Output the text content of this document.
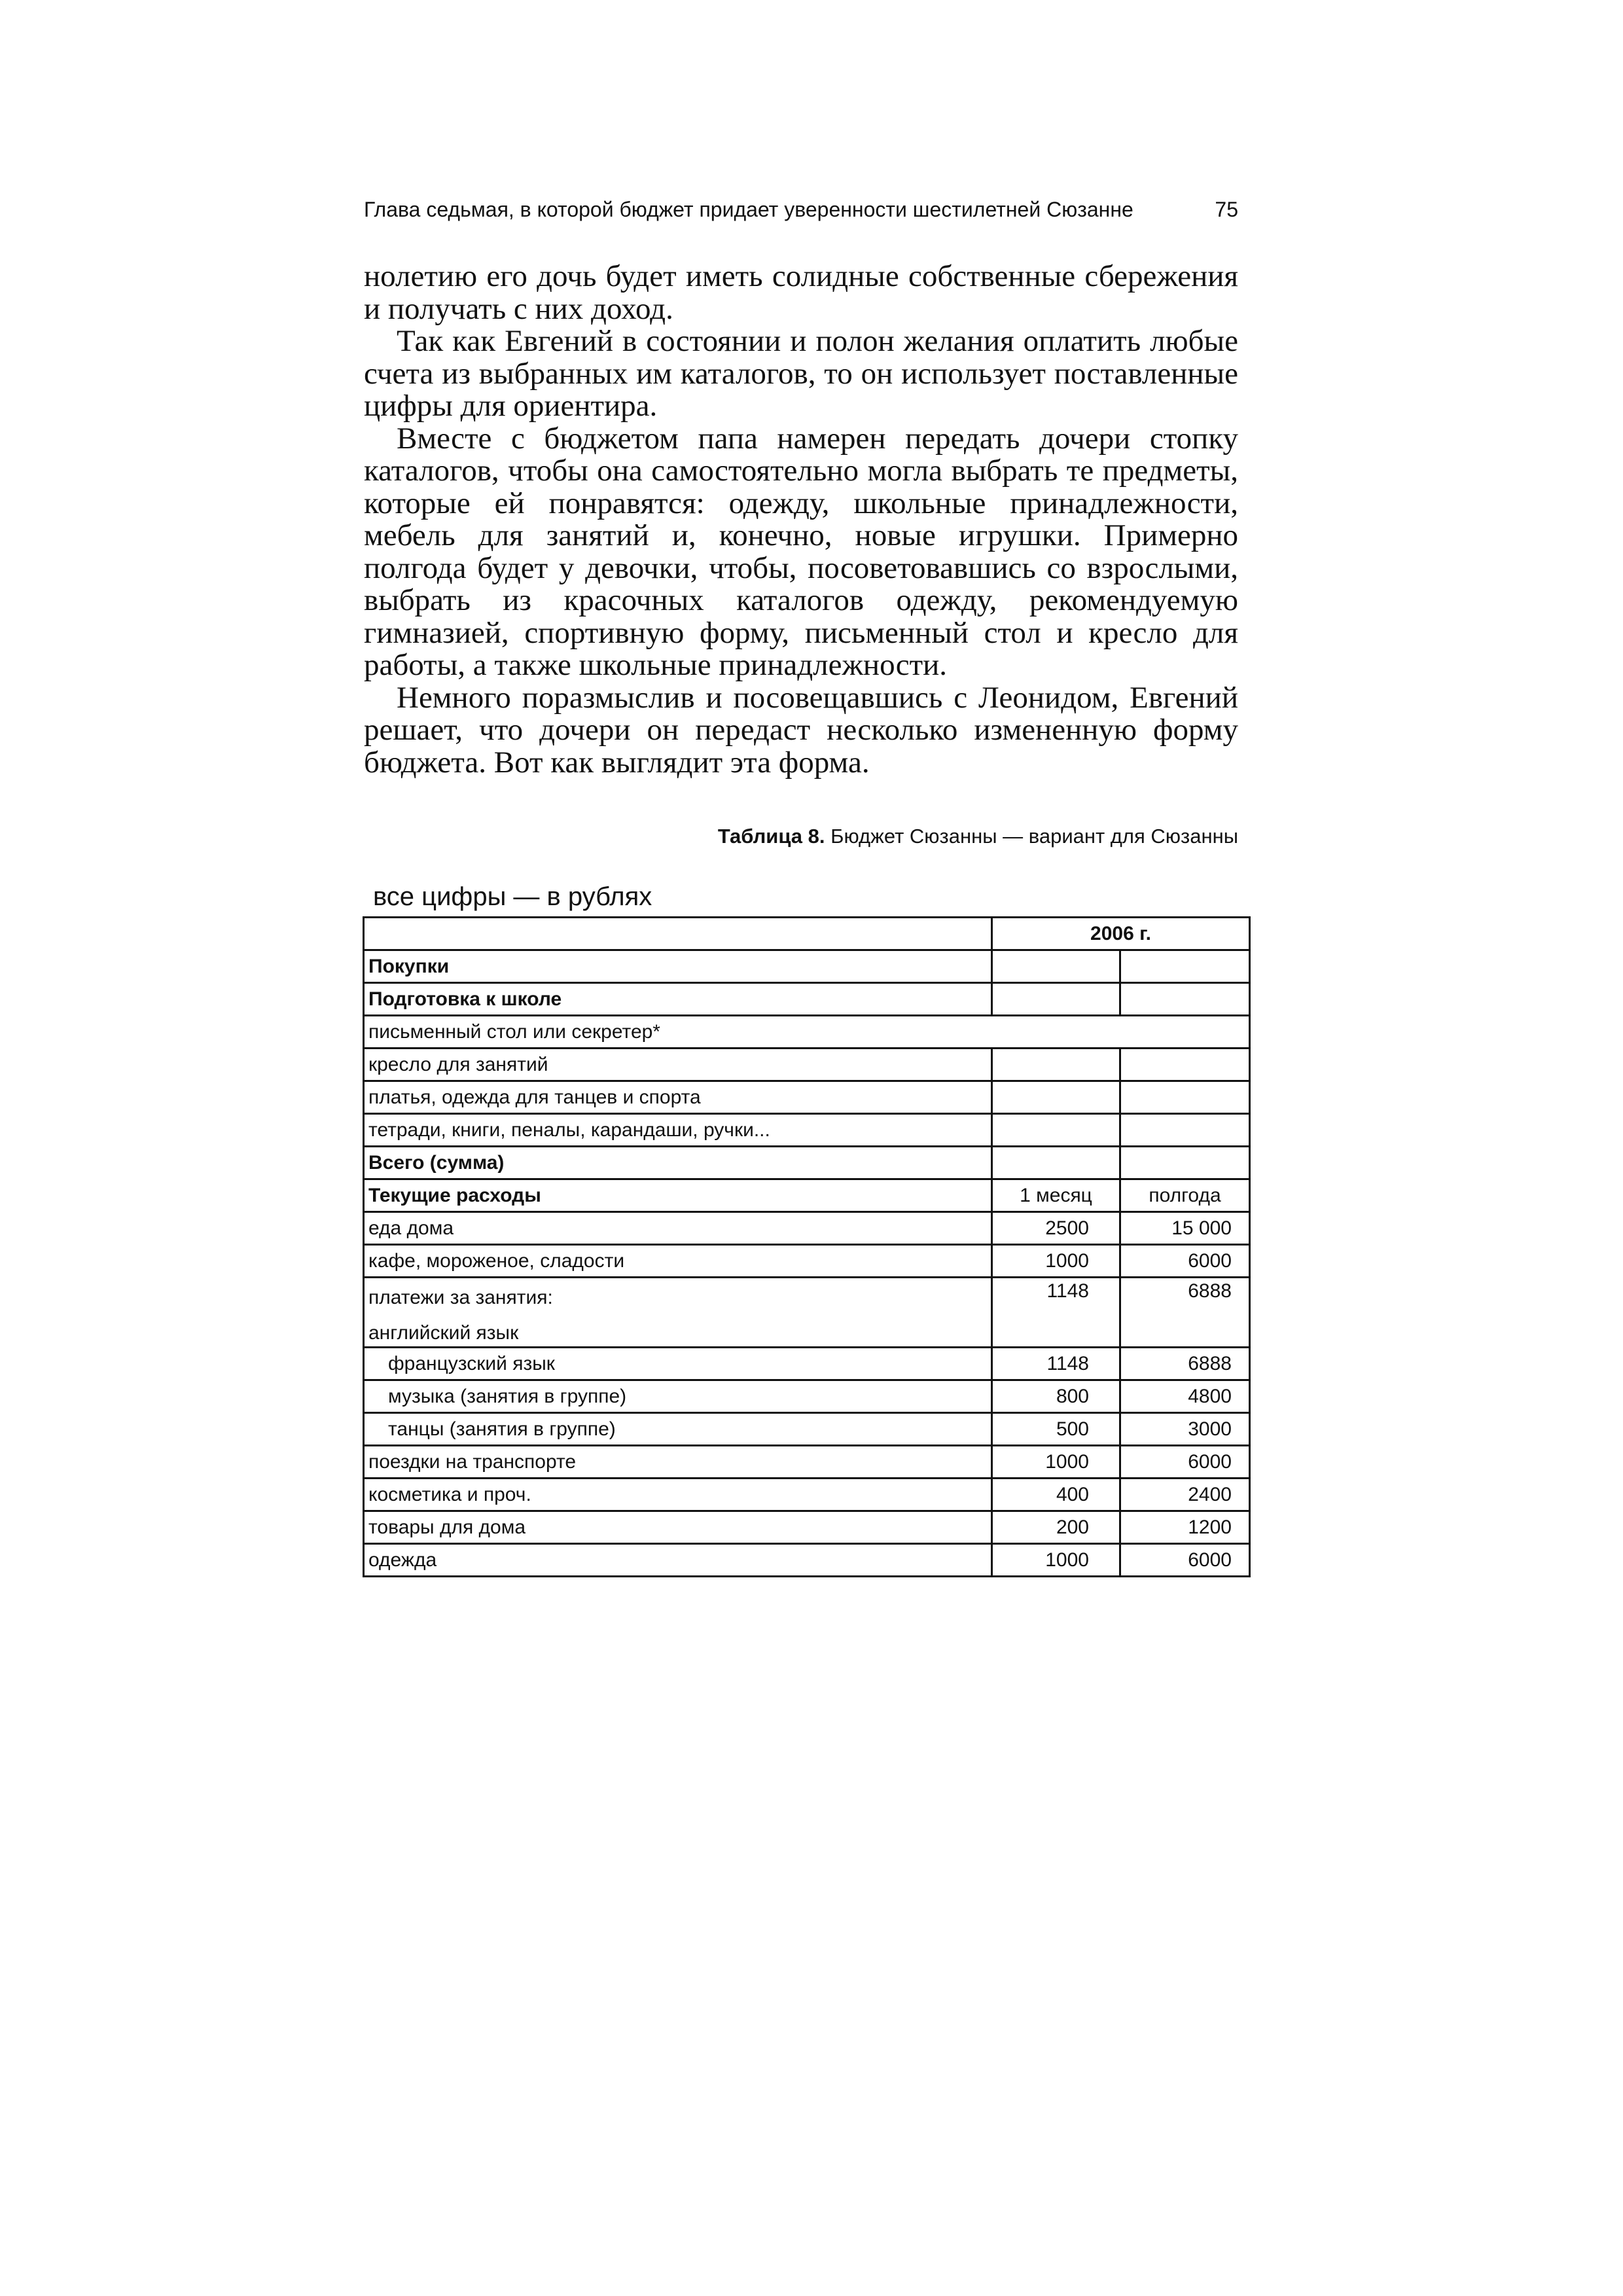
Глава седьмая, в которой бюджет придает уверенности шестилетней Сюзанне	75

нолетию его дочь будет иметь солидные собственные сбережения и получать с них доход.

Так как Евгений в состоянии и полон желания оплатить любые счета из выбранных им каталогов, то он использует поставленные цифры для ориентира.

Вместе с бюджетом папа намерен передать дочери стопку каталогов, чтобы она самостоятельно могла выбрать те предметы, которые ей понравятся: одежду, школьные принадлежности, мебель для занятий и, конечно, новые игрушки. Примерно полгода будет у девочки, чтобы, посоветовавшись со взрослыми, выбрать из красочных каталогов одежду, рекомендуемую гимназией, спортивную форму, письменный стол и кресло для работы, а также школьные принадлежности.

Немного поразмыслив и посовещавшись с Леонидом, Евгений решает, что дочери он передаст несколько измененную форму бюджета. Вот как выглядит эта форма.

Таблица 8. Бюджет Сюзанны — вариант для Сюзанны
все цифры — в рублях
	2006 г.	
Покупки		
Подготовка к школе		
письменный стол или секретер*		
кресло для занятий		
платья, одежда для танцев и спорта		
тетради, книги, пеналы, карандаши, ручки...		
Всего (сумма)		
Текущие расходы	1 месяц	полгода
еда дома	2500	15 000
кафе, мороженое, сладости	1000	6000

платежи за занятия:
английский язык	1148	6888
французский язык	1148	6888
музыка (занятия в группе)	800	4800
танцы (занятия в группе)	500	3000
поездки на транспорте	1000	6000
косметика и проч.	400	2400
товары для дома	200	1200
одежда	1000	6000
